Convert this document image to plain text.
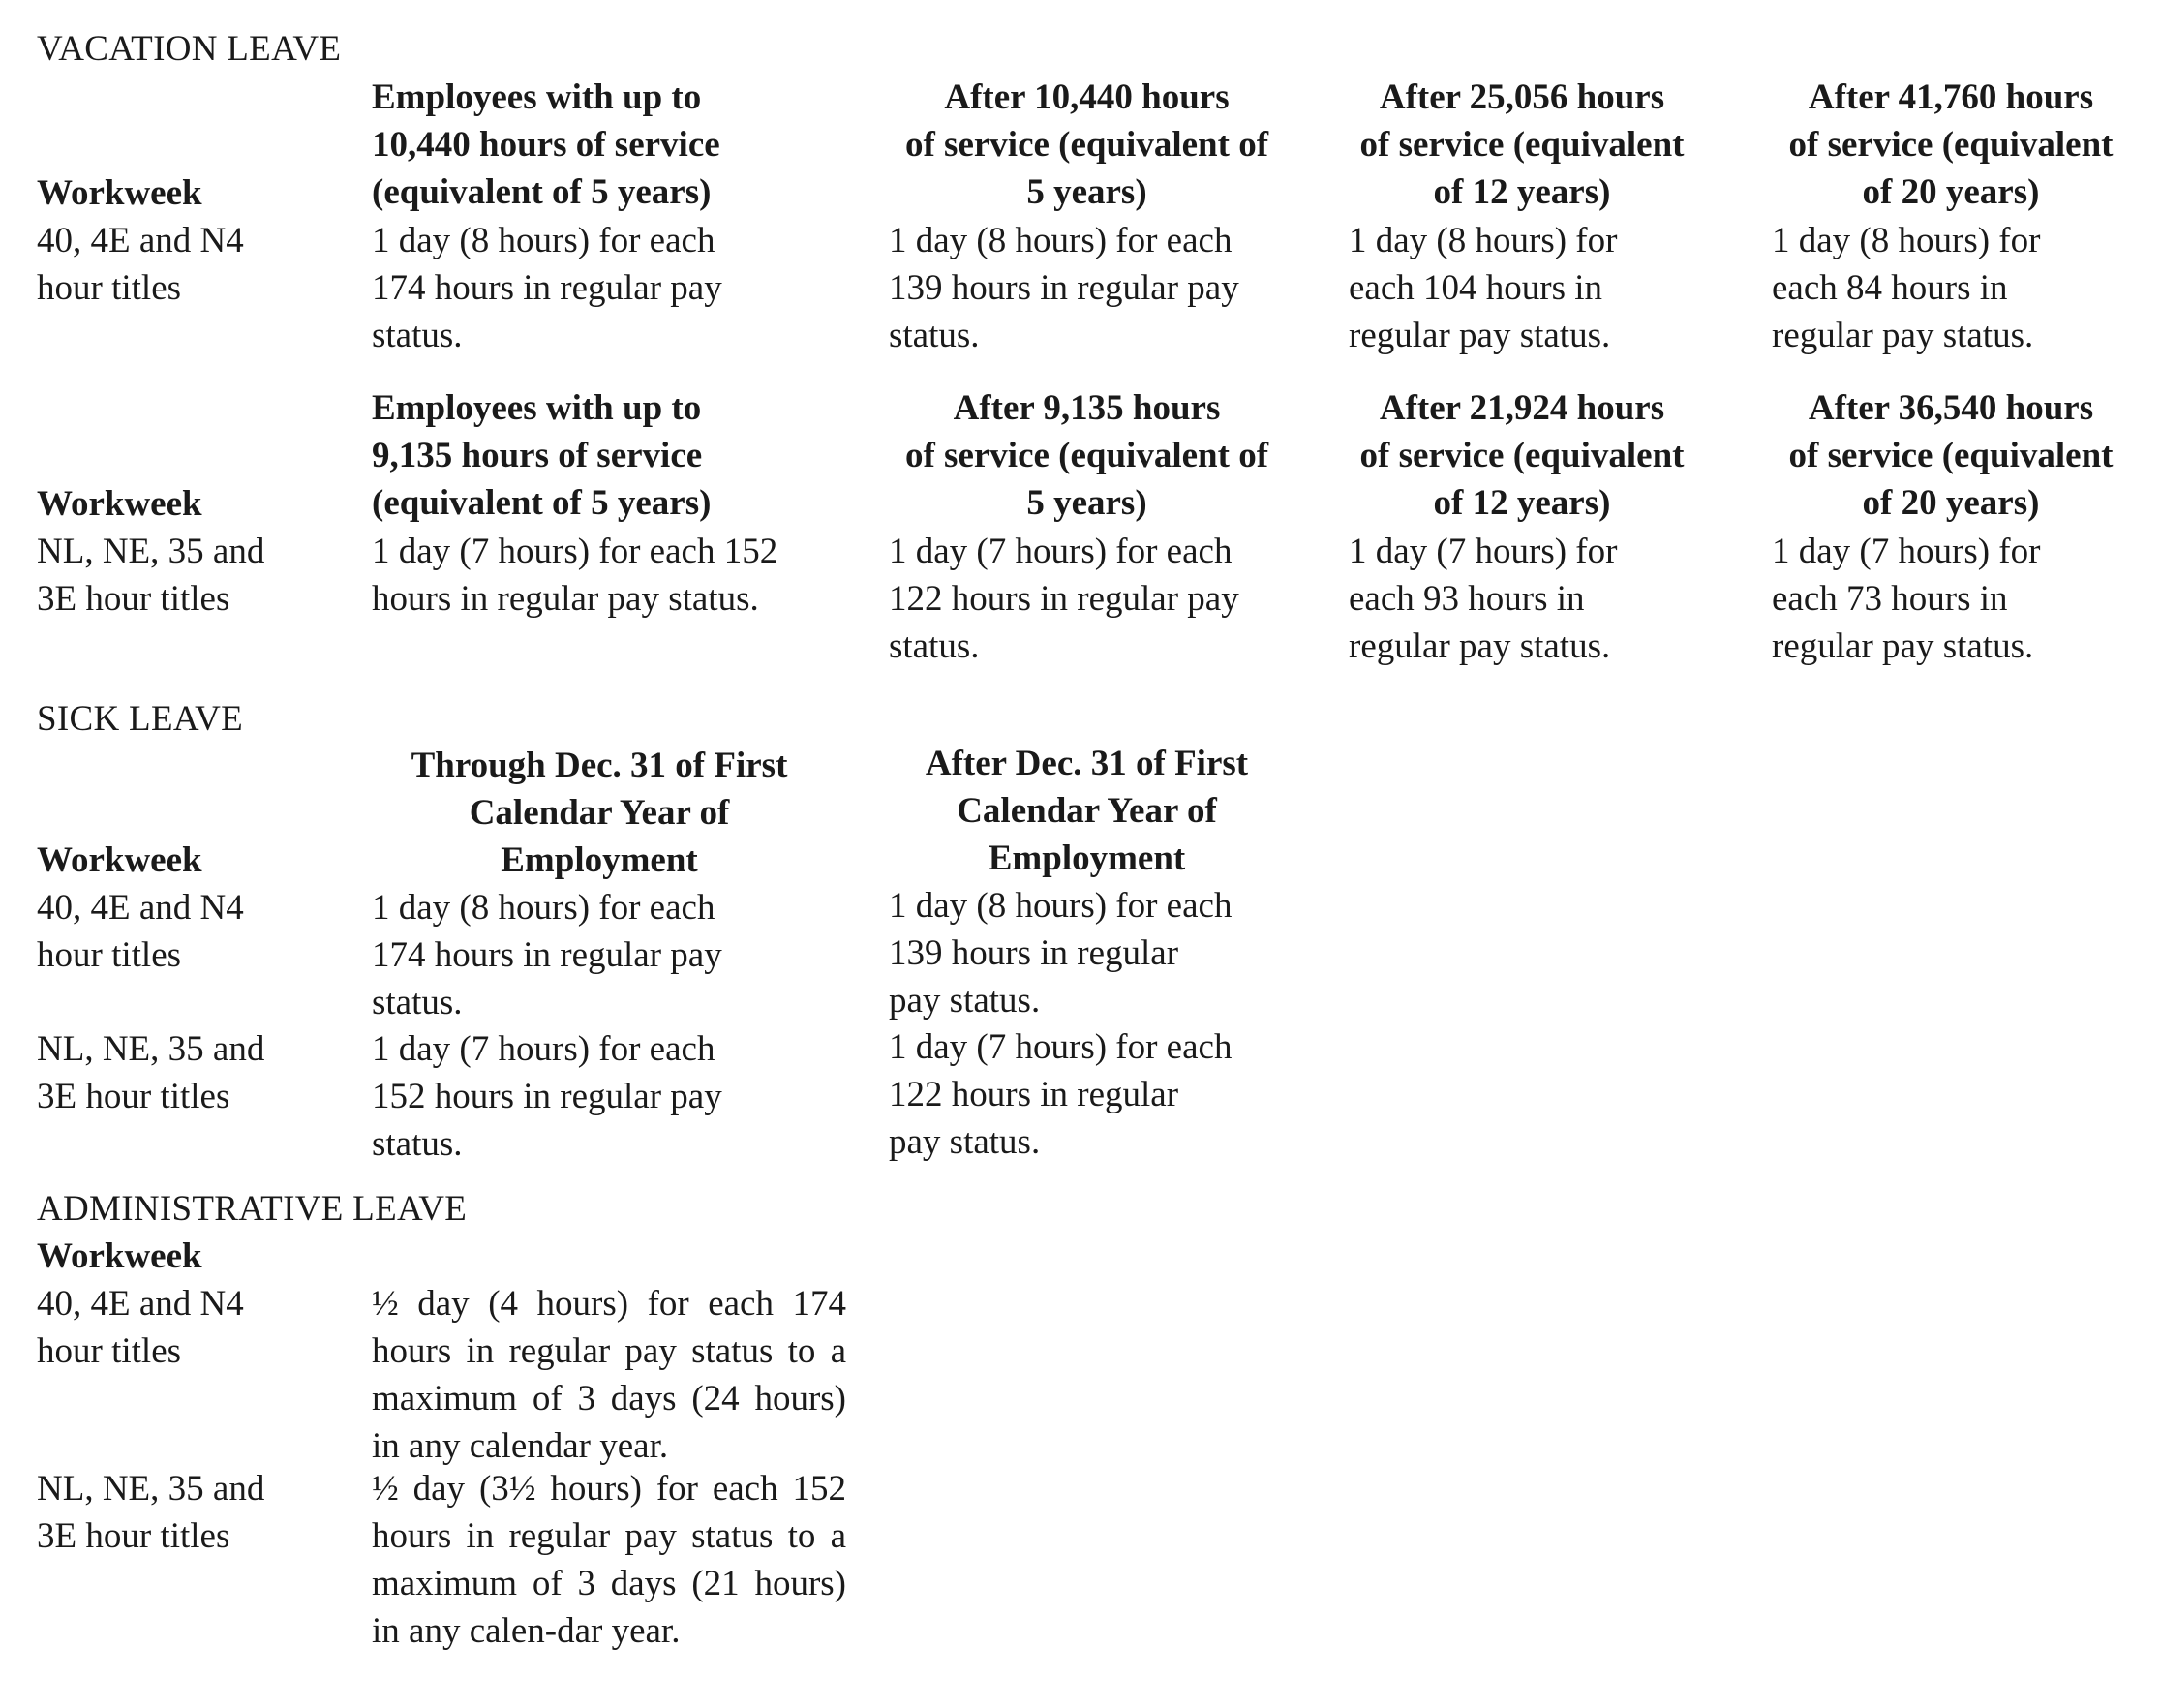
VACATION LEAVE

Workweek

40, 4E and N4
hour titles

Employees with up to
10,440 hours of service
(equivalent of 5 years)

After 10,440 hours
of service (equivalent of
5 years)

After 25,056 hours
of service (equivalent
of 12 years)

After 41,760 hours
of service (equivalent
of 20 years)

1 day (8 hours) for each
174 hours in regular pay
status.

1 day (8 hours) for each
139 hours in regular pay
status.

1 day (8 hours) for
each 104 hours in
regular pay status.

1 day (8 hours) for
each 84 hours in
regular pay status.

Workweek

NL, NE, 35 and
3E hour titles

Employees with up to
9,135 hours of service
(equivalent of 5 years)

After 9,135 hours
of service (equivalent of
5 years)

After 21,924 hours
of service (equivalent
of 12 years)

After 36,540 hours
of service (equivalent
of 20 years)

1 day (7 hours) for each 152
hours in regular pay status.

1 day (7 hours) for each
122 hours in regular pay
status.

1 day (7 hours) for
each 93 hours in
regular pay status.

1 day (7 hours) for
each 73 hours in
regular pay status.

SICK LEAVE

Workweek

Through Dec. 31 of First
Calendar Year of
Employment

After Dec. 31 of First
Calendar Year of
Employment

40, 4E and N4
hour titles

1 day (8 hours) for each
174 hours in regular pay
status.

1 day (8 hours) for each
139 hours in regular
pay status.

NL, NE, 35 and
3E hour titles

1 day (7 hours) for each
152 hours in regular pay
status.

1 day (7 hours) for each
122 hours in regular
pay status.

ADMINISTRATIVE LEAVE

Workweek

40, 4E and N4
hour titles

½ day (4 hours) for each 174 hours in regular pay status to a maximum of 3 days (24 hours) in any calendar year.

NL, NE, 35 and
3E hour titles

½ day (3½ hours) for each 152 hours in regular pay status to a maximum of 3 days (21 hours) in any calen-dar year.
